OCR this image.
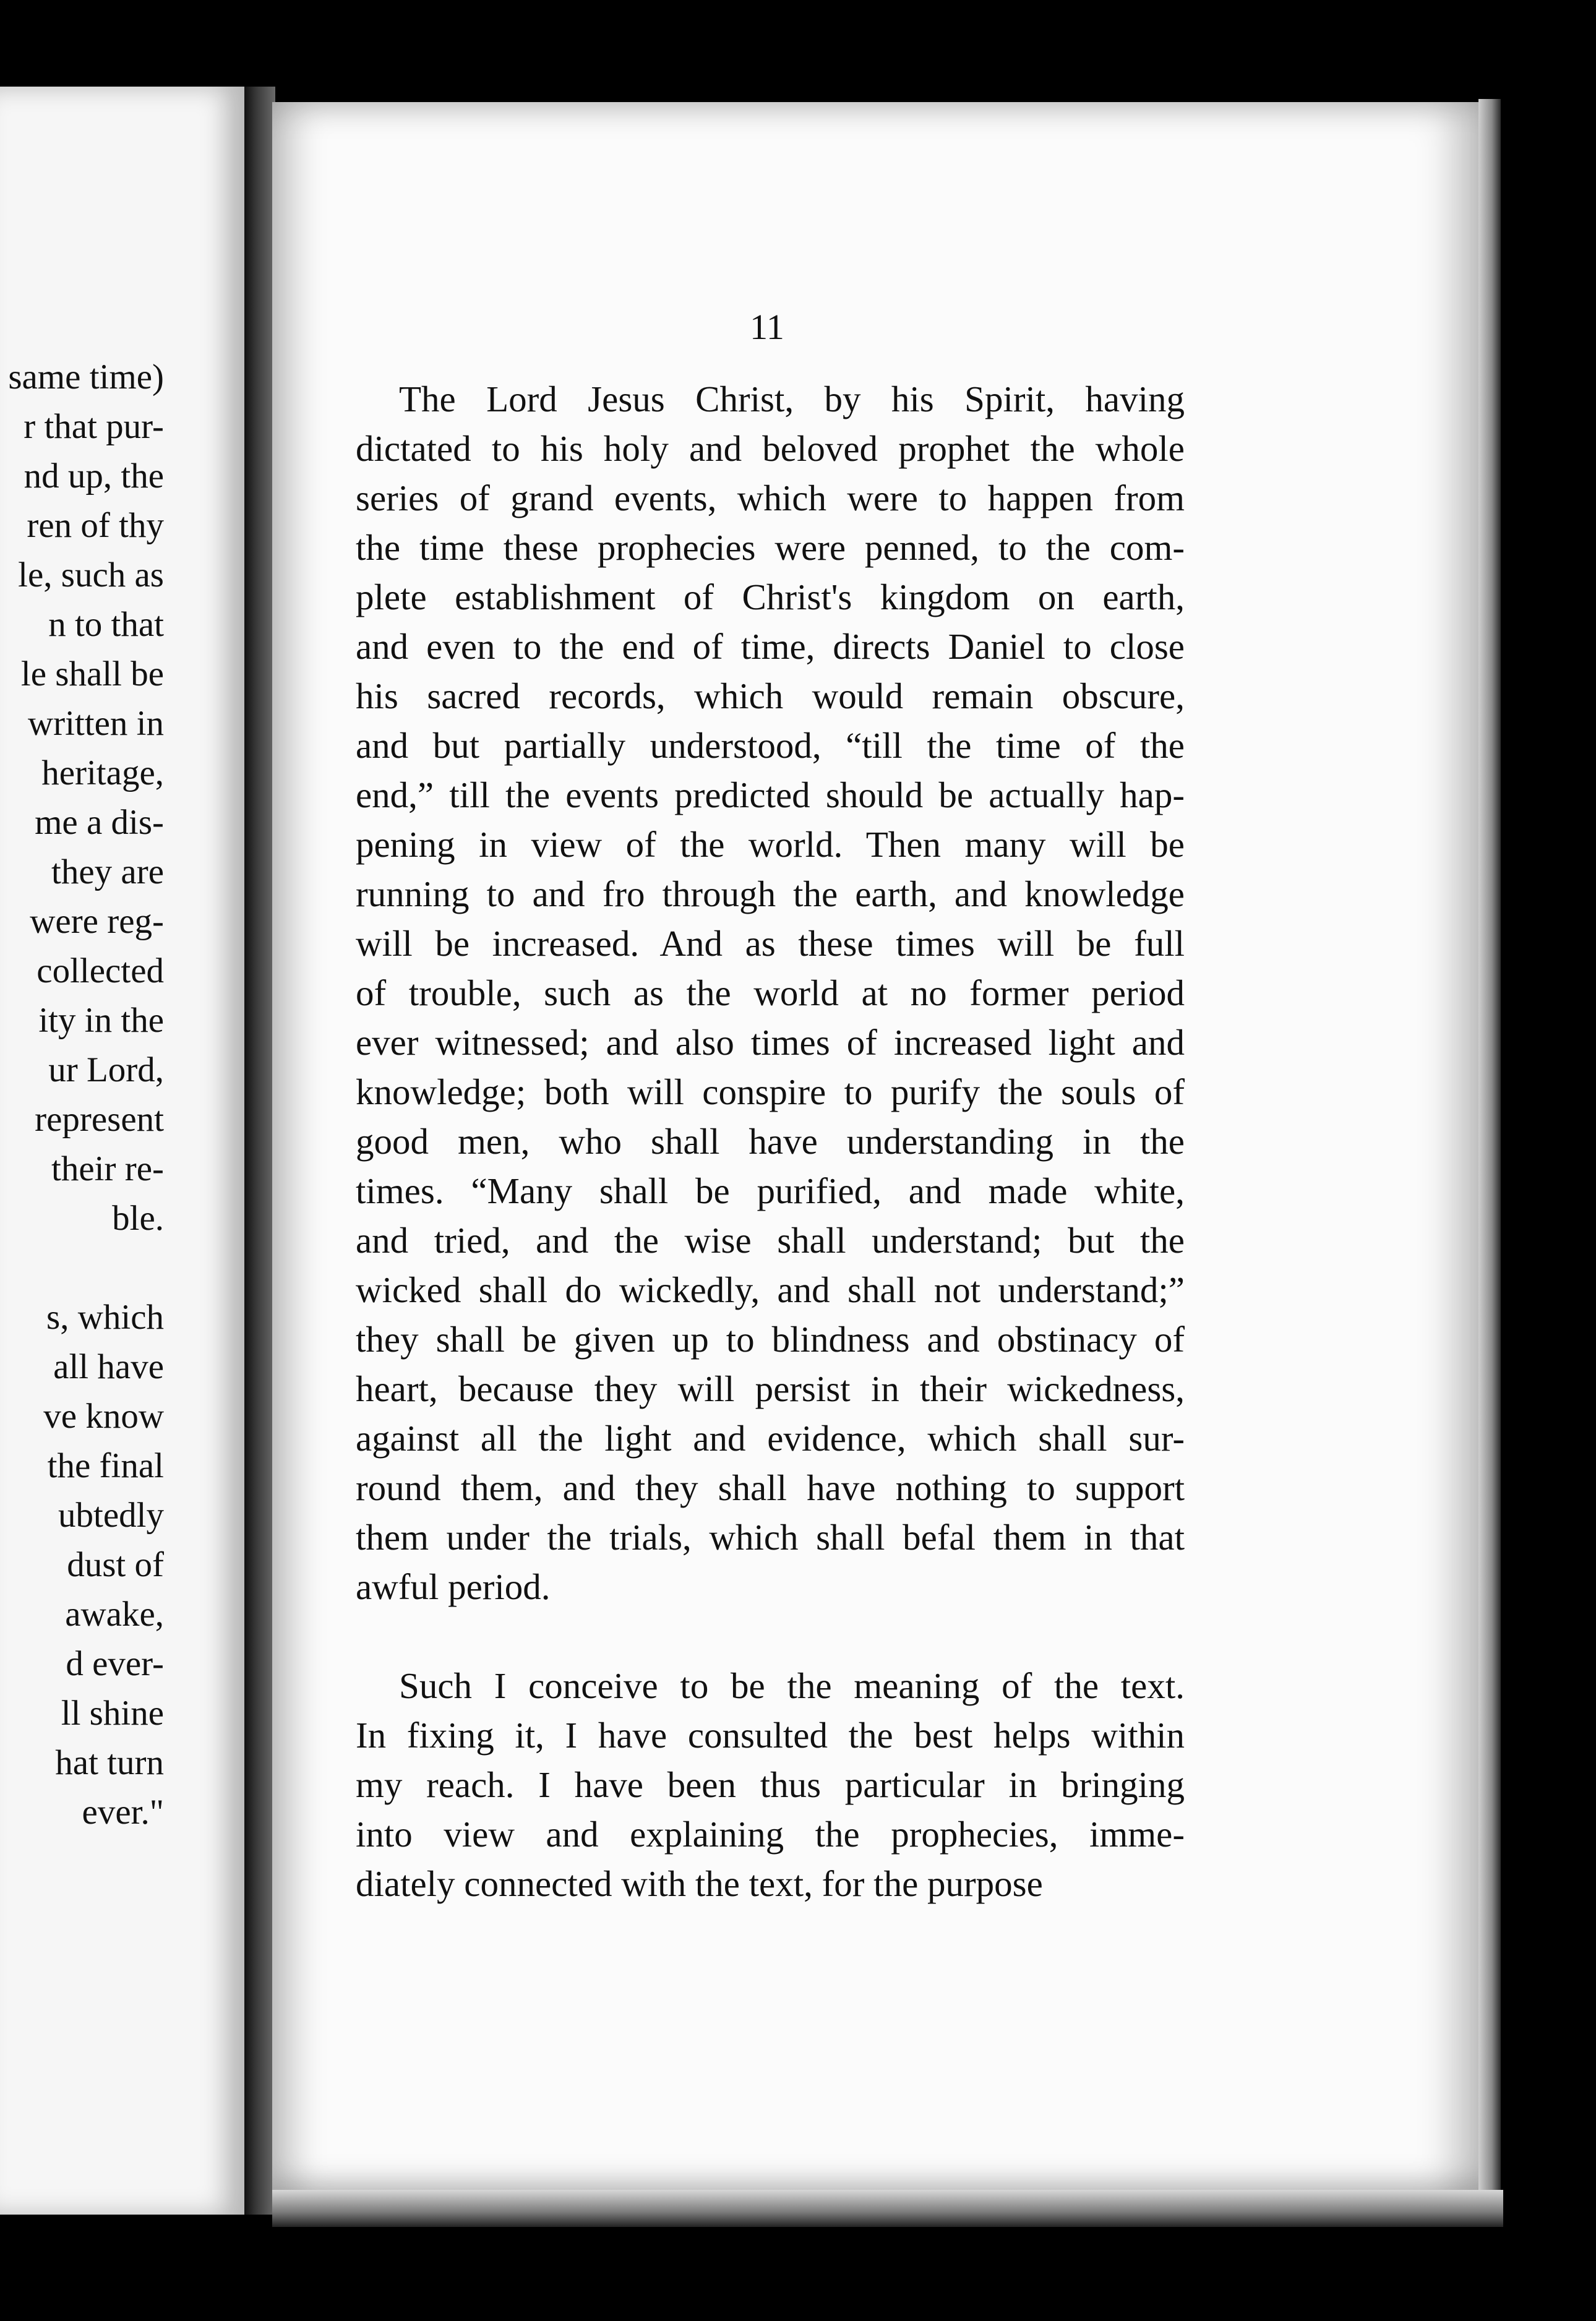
same time)
r that pur-
nd up, the
ren of thy
le, such as
n to that
le shall be
written in
heritage,
me a dis-
they are
were reg-
collected
ity in the
ur Lord,
represent
their re-
ble.
s, which
all have
ve know
the final
ubtedly
dust of
awake,
d ever-
ll shine
hat turn
ever."
11
The Lord Jesus Christ, by his Spirit, having
dictated to his holy and beloved prophet the whole
series of grand events, which were to happen from
the time these prophecies were penned, to the com-
plete establishment of Christ's kingdom on earth,
and even to the end of time, directs Daniel to close
his sacred records, which would remain obscure,
and but partially understood, “till the time of the
end,” till the events predicted should be actually hap-
pening in view of the world. Then many will be
running to and fro through the earth, and knowledge
will be increased. And as these times will be full
of trouble, such as the world at no former period
ever witnessed; and also times of increased light and
knowledge; both will conspire to purify the souls of
good men, who shall have understanding in the
times. “Many shall be purified, and made white,
and tried, and the wise shall understand; but the
wicked shall do wickedly, and shall not understand;”
they shall be given up to blindness and obstinacy of
heart, because they will persist in their wickedness,
against all the light and evidence, which shall sur-
round them, and they shall have nothing to support
them under the trials, which shall befal them in that
awful period.
Such I conceive to be the meaning of the text.
In fixing it, I have consulted the best helps within
my reach. I have been thus particular in bringing
into view and explaining the prophecies, imme-
diately connected with the text, for the purpose
